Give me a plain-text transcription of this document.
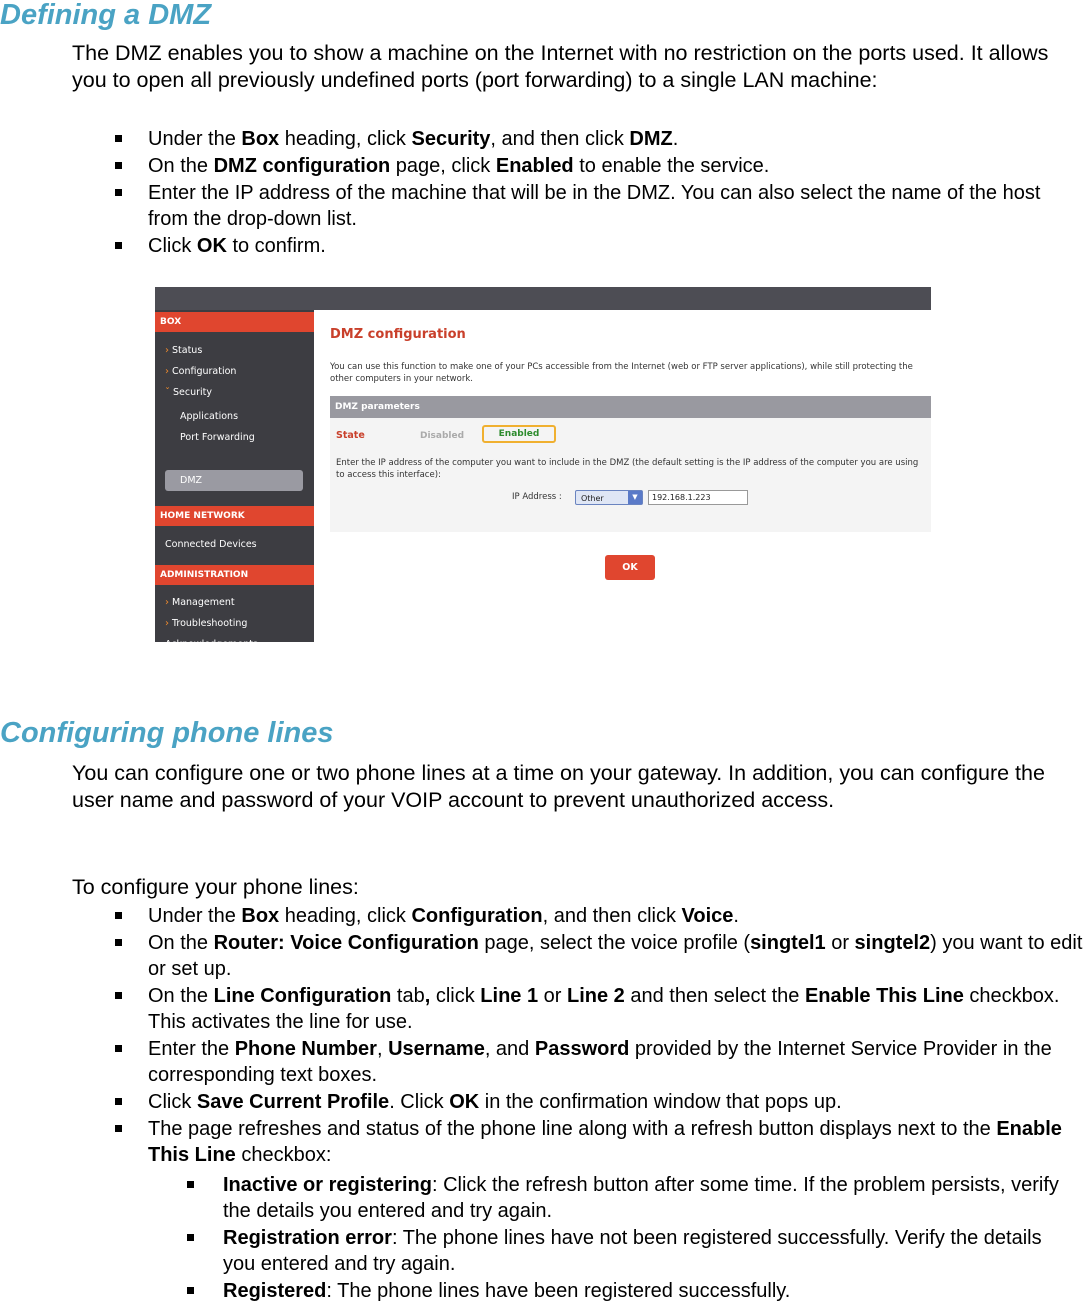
Defining a DMZ

The DMZ enables you to show a machine on the Internet with no restriction on the ports used. It allows you to open all previously undefined ports (port forwarding) to a single LAN machine:

Under the Box heading, click Security, and then click DMZ.
On the DMZ configuration page, click Enabled to enable the service.
Enter the IP address of the machine that will be in the DMZ. You can also select the name of the host from the drop-down list.
Click OK to confirm.
BOX
› Status
› Configuration
ˇ Security
Applications
Port Forwarding
DMZ
HOME NETWORK
Connected Devices
ADMINISTRATION
› Management
› Troubleshooting
Acknowledgements
DMZ configuration
You can use this function to make one of your PCs accessible from the Internet (web or FTP server applications), while still protecting the other computers in your network.
DMZ parameters
State	Disabled	Enabled
Enter the IP address of the computer you want to include in the DMZ (the default setting is the IP address of the computer you are using to access this interface):
IP Address :	Other	▼	192.168.1.223
OK
Configuring phone lines

You can configure one or two phone lines at a time on your gateway. In addition, you can configure the user name and password of your VOIP account to prevent unauthorized access.

To configure your phone lines:

Under the Box heading, click Configuration, and then click Voice.
On the Router: Voice Configuration page, select the voice profile (singtel1 or singtel2) you want to edit or set up.
On the Line Configuration tab, click Line 1 or Line 2 and then select the Enable This Line checkbox. This activates the line for use.
Enter the Phone Number, Username, and Password provided by the Internet Service Provider in the corresponding text boxes.
Click Save Current Profile. Click OK in the confirmation window that pops up.
The page refreshes and status of the phone line along with a refresh button displays next to the Enable This Line checkbox:
Inactive or registering: Click the refresh button after some time. If the problem persists, verify the details you entered and try again.
Registration error: The phone lines have not been registered successfully. Verify the details you entered and try again.
Registered: The phone lines have been registered successfully.
